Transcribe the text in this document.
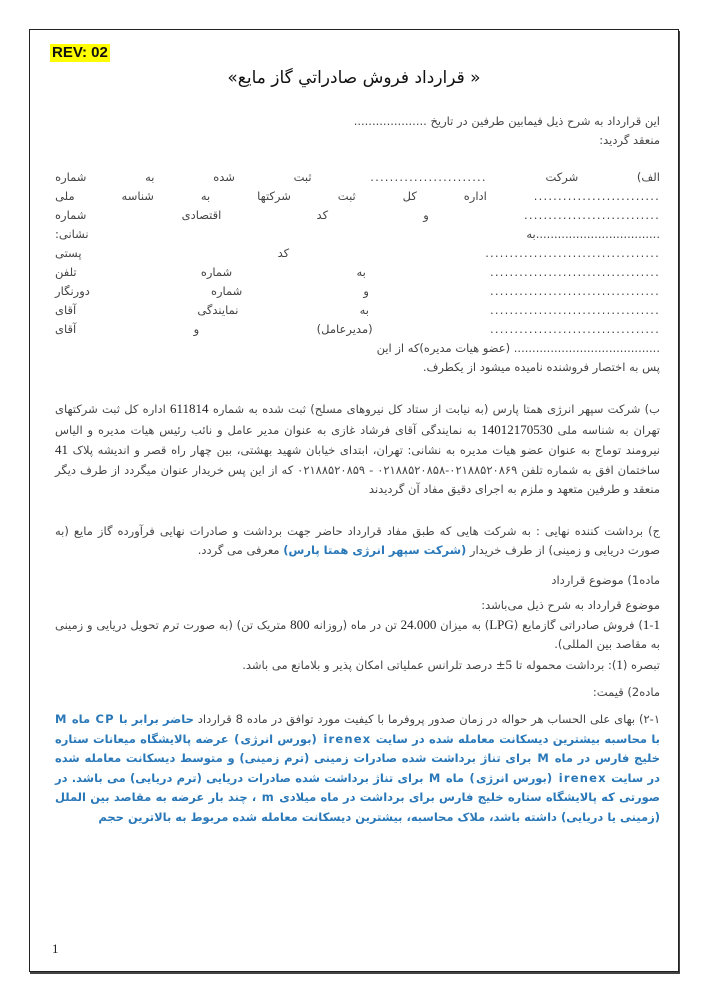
REV: 02
« قرارداد فروش صادراتي گاز مايع»
این قرارداد به شرح ذیل فیمابین طرفین در تاریخ ....................
منعقد گردید:
الف)
شرکت
........................
ثبت
شده
به
شماره
..........................
اداره
کل
ثبت
شرکتها
به
شناسه
ملی
............................
و
کد
اقتصادی
شماره
..................................به
نشانی:
....................................
کد
پستی
...................................
به
شماره
تلفن
...................................
و
شماره
دورنگار
...................................
به
نمایندگی
آقای
...................................
(مدیرعامل)
و
آقای
........................................ (عضو هیات مدیره)که از این
پس به اختصار فروشنده نامیده میشود از یکطرف.
ب) شرکت سپهر انرژی همتا پارس (به نیابت از ستاد کل نیروهای مسلح) ثبت شده به شماره 611814 اداره کل ثبت شرکتهای تهران به شناسه ملی 14012170530 به نمایندگی آقای فرشاد غازی به عنوان مدیر عامل و نائب رئیس هیات مدیره و الیاس نیرومند توماج به عنوان عضو هیات مدیره به نشانی: تهران، ابتدای خیابان شهید بهشتی، بین چهار راه قصر و اندیشه پلاک 41 ساختمان افق به شماره تلفن ۰۲۱۸۸۵۲۰۸۶۹-۰۲۱۸۸۵۲۰۸۵۸ - ۰۲۱۸۸۵۲۰۸۵۹ که از این پس خریدار عنوان میگردد از طرف دیگر منعقد و طرفین متعهد و ملزم به اجرای دقیق مفاد آن گردیدند
ج) برداشت کننده نهایی : به شرکت هایی که طبق مفاد قرارداد حاضر جهت برداشت و صادرات نهایی فرآورده گاز مایع (به صورت دریایی و زمینی) از طرف خریدار (شرکت سپهر انرژی همتا پارس) معرفی می گردد.
ماده1) موضوع قرارداد
موضوع قرارداد به شرح ذیل می‌باشد:
1-1) فروش صادراتی گازمایع (LPG) به میزان 24.000 تن در ماه (روزانه 800 متریک تن) (به صورت ترم تحویل دریایی و زمینی به مقاصد بین المللی).
تبصره (1): برداشت محموله تا 5± درصد تلرانس عملیاتی امکان پذیر و بلامانع می باشد.
ماده2) قیمت:
۲-۱) بهای علی الحساب هر حواله در زمان صدور پروفرما با کیفیت مورد توافق در ماده 8 قرارداد حاضر برابر با CP ماه M با محاسبه بیشترین دیسکانت معامله شده در سایت irenex (بورس انرژی) عرضه پالایشگاه میعانات ستاره خلیج فارس در ماه M برای تناژ برداشت شده صادرات زمینی (ترم زمینی) و متوسط دیسکانت معامله شده در سایت irenex (بورس انرژی) ماه M برای تناژ برداشت شده صادرات دریایی (ترم دریایی) می باشد. در صورتی که پالایشگاه ستاره خلیج فارس برای برداشت در ماه میلادی m ، چند بار عرضه به مقاصد بین الملل (زمینی یا دریایی) داشته باشد، ملاک محاسبه، بیشترین دیسکانت معامله شده مربوط به بالاترین حجم
1
